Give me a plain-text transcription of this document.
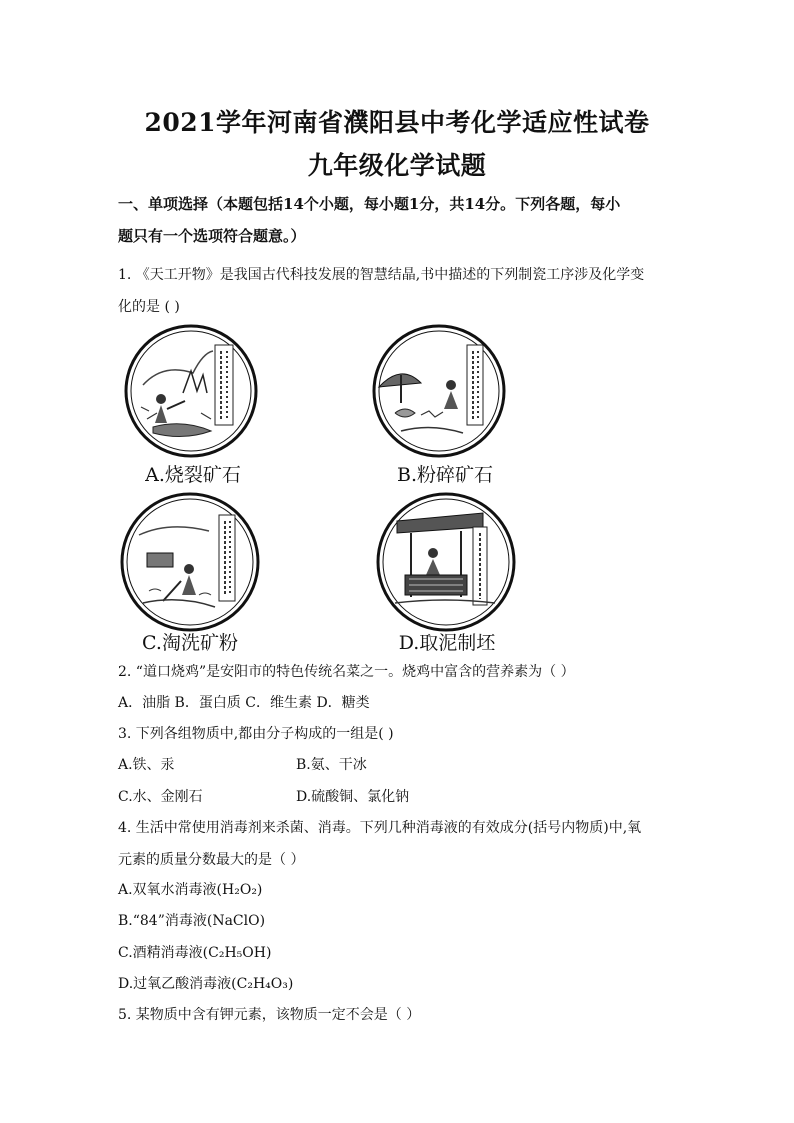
2021学年河南省濮阳县中考化学适应性试卷
九年级化学试题
一、单项选择（本题包括14个小题，每小题1分，共14分。下列各题，每小
题只有一个选项符合题意。）
1. 《天工开物》是我国古代科技发展的智慧结晶,书中描述的下列制瓷工序涉及化学变
化的是 ( )
A.烧裂矿石	B.粉碎矿石
C.淘洗矿粉	D.取泥制坯
2. “道口烧鸡”是安阳市的特色传统名菜之一。烧鸡中富含的营养素为（ ）
A．油脂 B．蛋白质 C．维生素 D．糖类
3. 下列各组物质中,都由分子构成的一组是( )
A.铁、汞	B.氨、干冰
C.水、金刚石	D.硫酸铜、氯化钠
4. 生活中常使用消毒剂来杀菌、消毒。下列几种消毒液的有效成分(括号内物质)中,氧
元素的质量分数最大的是（ ）
A.双氧水消毒液(H₂O₂)
B.“84”消毒液(NaClO)
C.酒精消毒液(C₂H₅OH)
D.过氧乙酸消毒液(C₂H₄O₃)
5. 某物质中含有钾元素，该物质一定不会是（ ）
